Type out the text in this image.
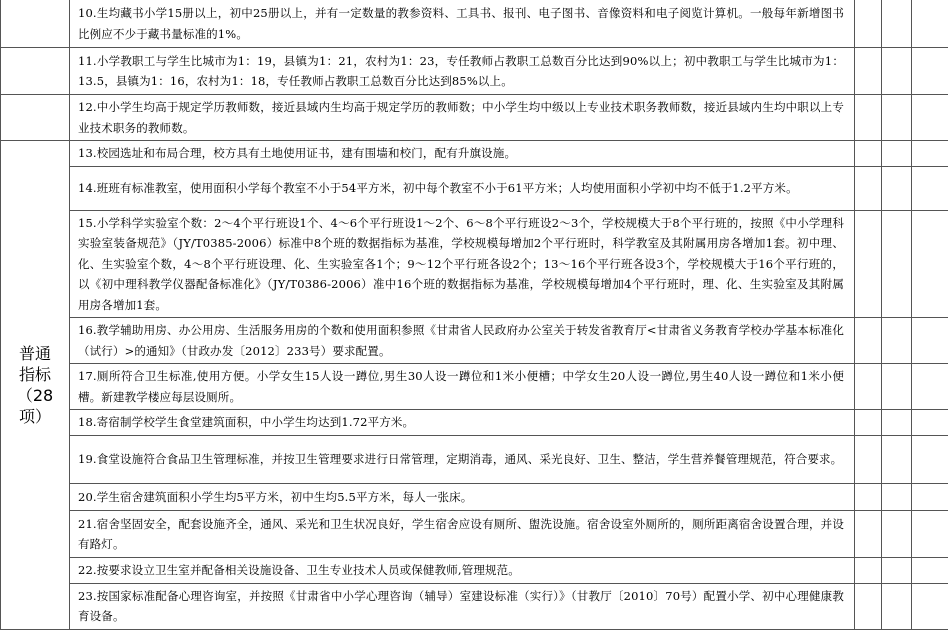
	10.生均藏书小学15册以上，初中25册以上，并有一定数量的教参资料、工具书、报刊、电子图书、音像资料和电子阅览计算机。一般每年新增图书比例应不少于藏书量标准的1%。			
	11.小学教职工与学生比城市为1：19，县镇为1：21，农村为1：23，专任教师占教职工总数百分比达到90%以上；初中教职工与学生比城市为1：13.5，县镇为1：16，农村为1：18，专任教师占教职工总数百分比达到85%以上。			
	12.中小学生均高于规定学历教师数，接近县域内生均高于规定学历的教师数；中小学生均中级以上专业技术职务教师数，接近县域内生均中职以上专业技术职务的教师数。			

普通
指标
（28
项）	13.校园选址和布局合理，校方具有土地使用证书，建有围墙和校门，配有升旗设施。			
	14.班班有标准教室，使用面积小学每个教室不小于54平方米，初中每个教室不小于61平方米；人均使用面积小学初中均不低于1.2平方米。			
	15.小学科学实验室个数：2～4个平行班设1个、4～6个平行班设1～2个、6～8个平行班设2～3个，学校规模大于8个平行班的，按照《中小学理科实验室装备规范》（JY/T0385-2006）标准中8个班的数据指标为基准，学校规模每增加2个平行班时，科学教室及其附属用房各增加1套。初中理、化、生实验室个数，4～8个平行班设理、化、生实验室各1个；9～12个平行班各设2个；13～16个平行班各设3个，学校规模大于16个平行班的，以《初中理科教学仪器配备标准化》（JY/T0386-2006）准中16个班的数据指标为基准，学校规模每增加4个平行班时，理、化、生实验室及其附属用房各增加1套。			
	16.教学辅助用房、办公用房、生活服务用房的个数和使用面积参照《甘肃省人民政府办公室关于转发省教育厅<甘肃省义务教育学校办学基本标准化（试行）>的通知》（甘政办发〔2012〕233号）要求配置。			
	17.厕所符合卫生标准,使用方便。小学女生15人设一蹲位,男生30人设一蹲位和1米小便槽；中学女生20人设一蹲位,男生40人设一蹲位和1米小便槽。新建教学楼应每层设厕所。			
	18.寄宿制学校学生食堂建筑面积，中小学生均达到1.72平方米。			
	19.食堂设施符合食品卫生管理标准，并按卫生管理要求进行日常管理，定期消毒，通风、采光良好、卫生、整洁，学生营养餐管理规范，符合要求。			
	20.学生宿舍建筑面积小学生均5平方米，初中生均5.5平方米，每人一张床。			
	21.宿舍坚固安全，配套设施齐全，通风、采光和卫生状况良好，学生宿舍应设有厕所、盥洗设施。宿舍设室外厕所的，厕所距离宿舍设置合理，并设有路灯。			
	22.按要求设立卫生室并配备相关设施设备、卫生专业技术人员或保健教师,管理规范。			
	23.按国家标准配备心理咨询室，并按照《甘肃省中小学心理咨询（辅导）室建设标准（实行）》（甘教厅〔2010〕70号）配置小学、初中心理健康教育设备。			
